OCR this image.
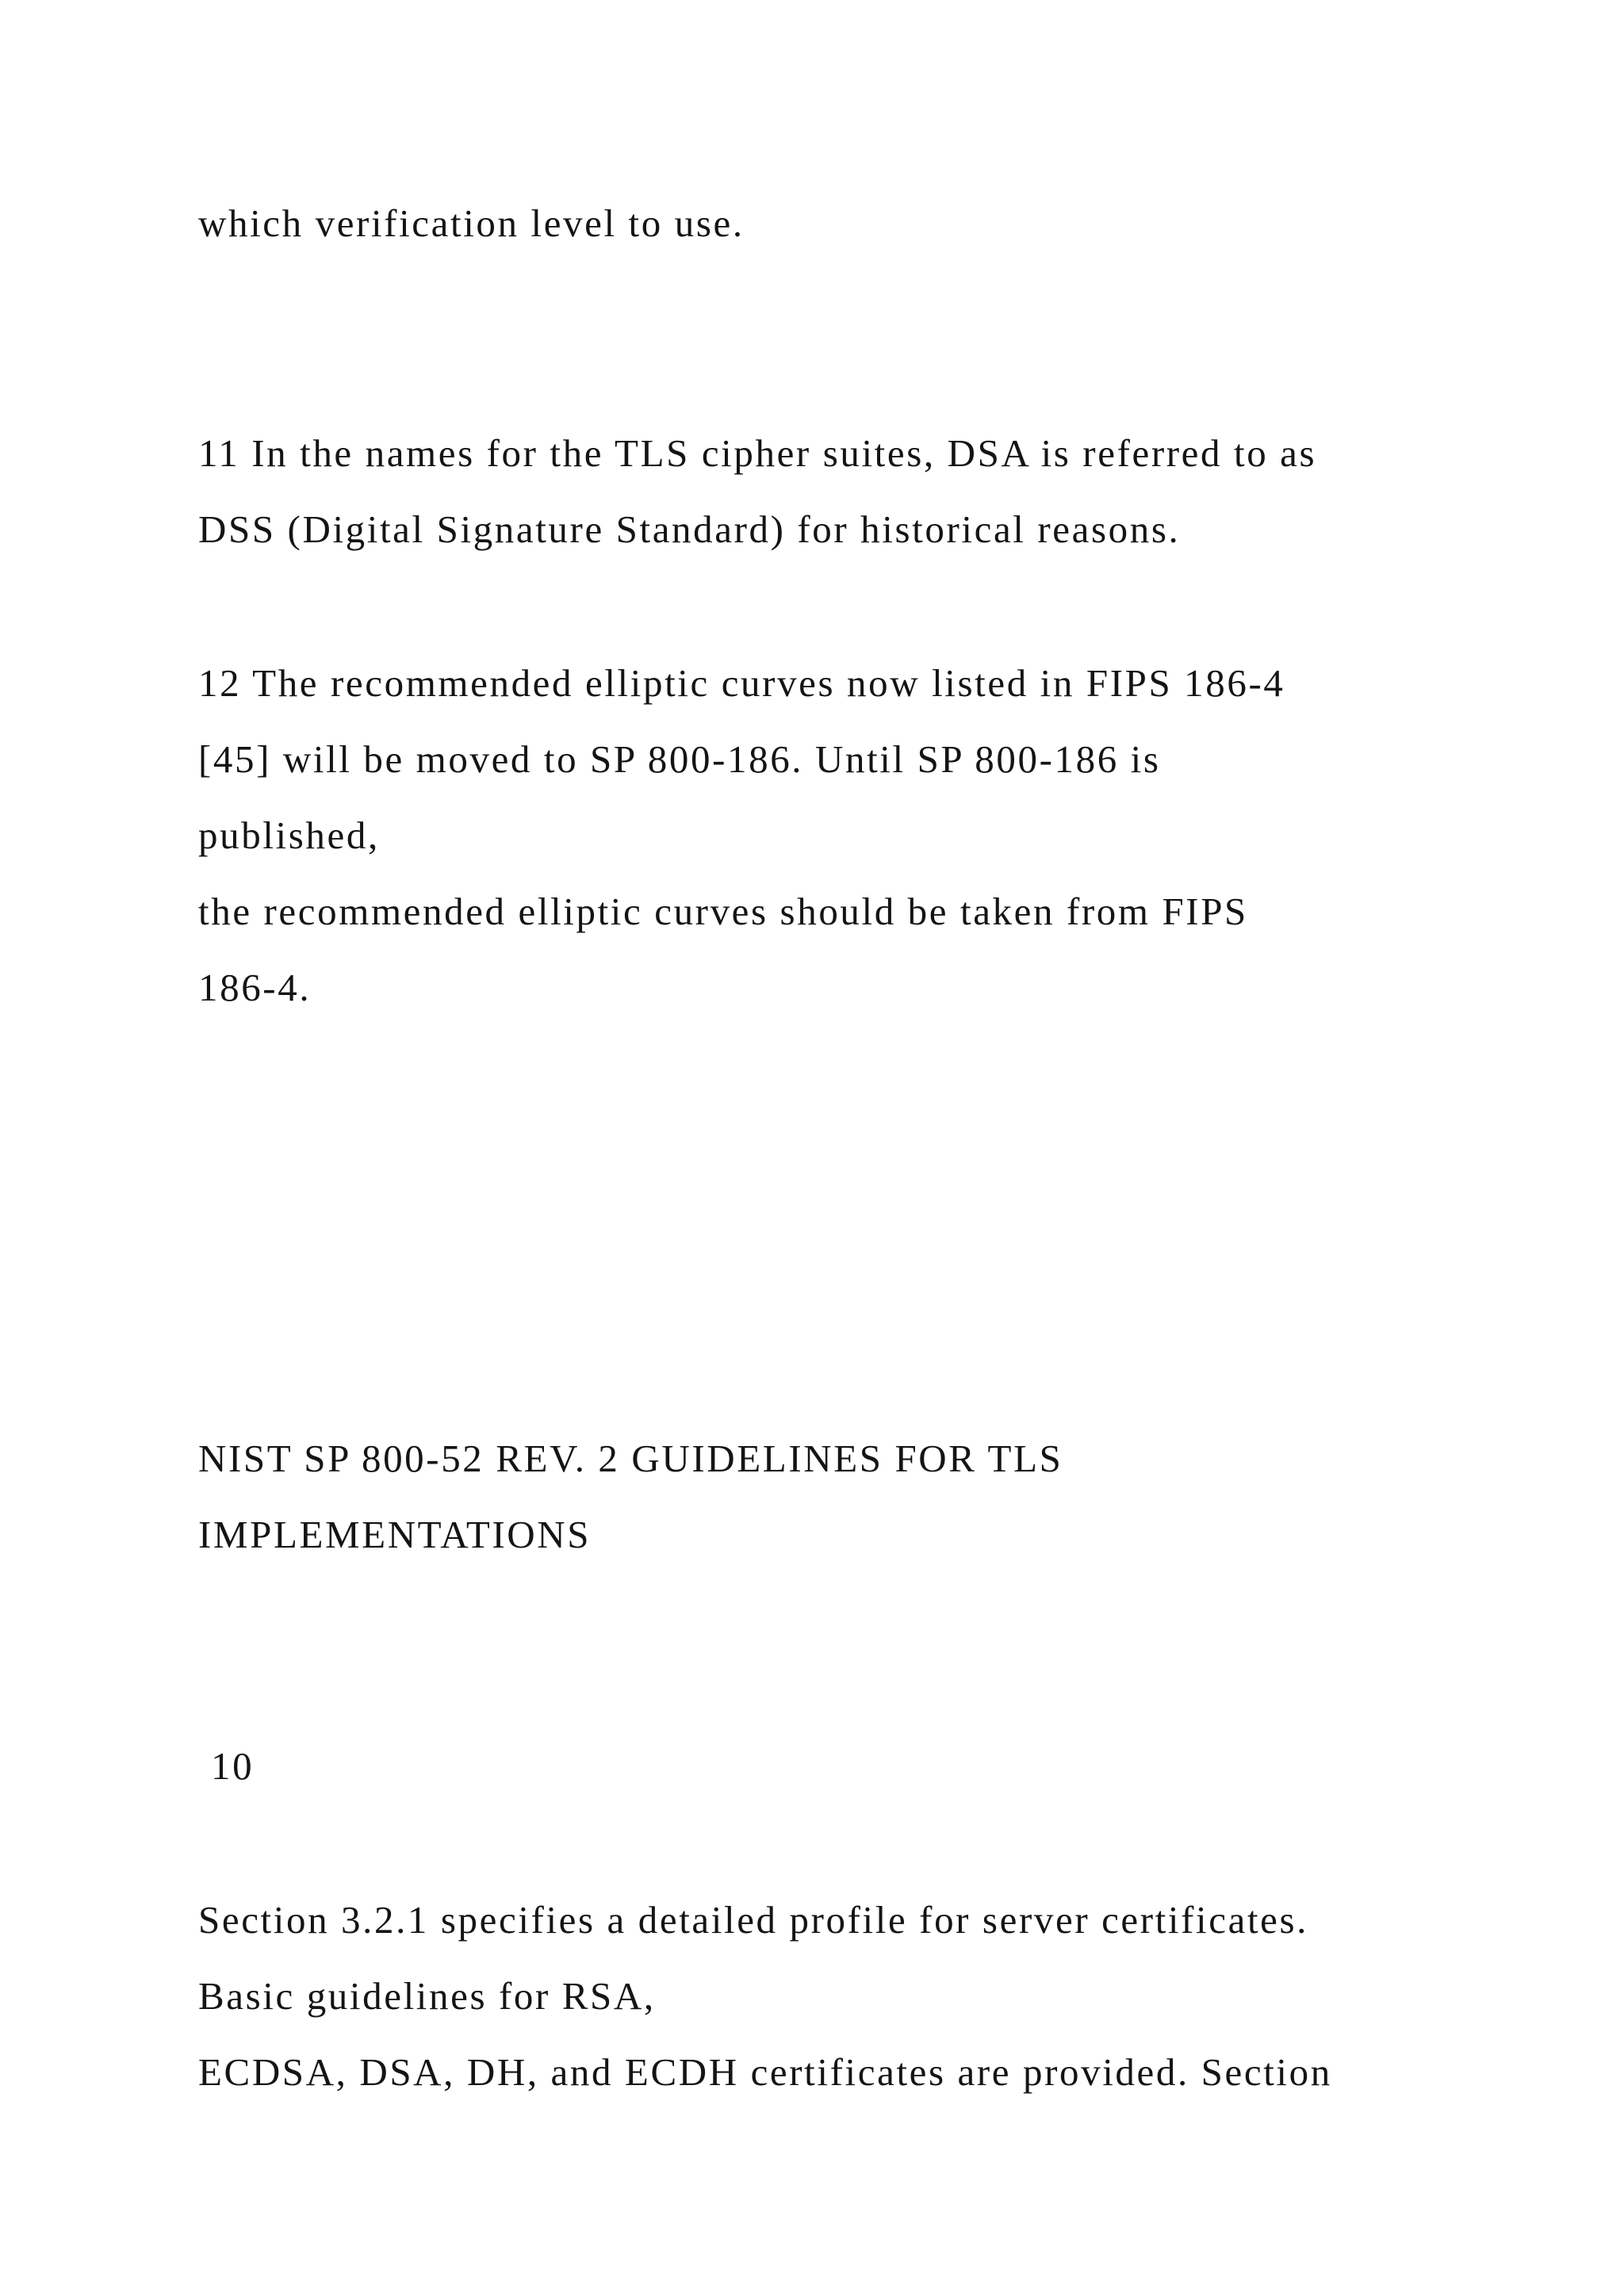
which verification level to use.

11 In the names for the TLS cipher suites, DSA is referred to as

DSS (Digital Signature Standard) for historical reasons.

12 The recommended elliptic curves now listed in FIPS 186-4

[45] will be moved to SP 800-186. Until SP 800-186 is

published,

the recommended elliptic curves should be taken from FIPS

186-4.

NIST SP 800-52 REV. 2 GUIDELINES FOR TLS

IMPLEMENTATIONS

10

Section 3.2.1 specifies a detailed profile for server certificates.

Basic guidelines for RSA,

ECDSA, DSA, DH, and ECDH certificates are provided. Section
